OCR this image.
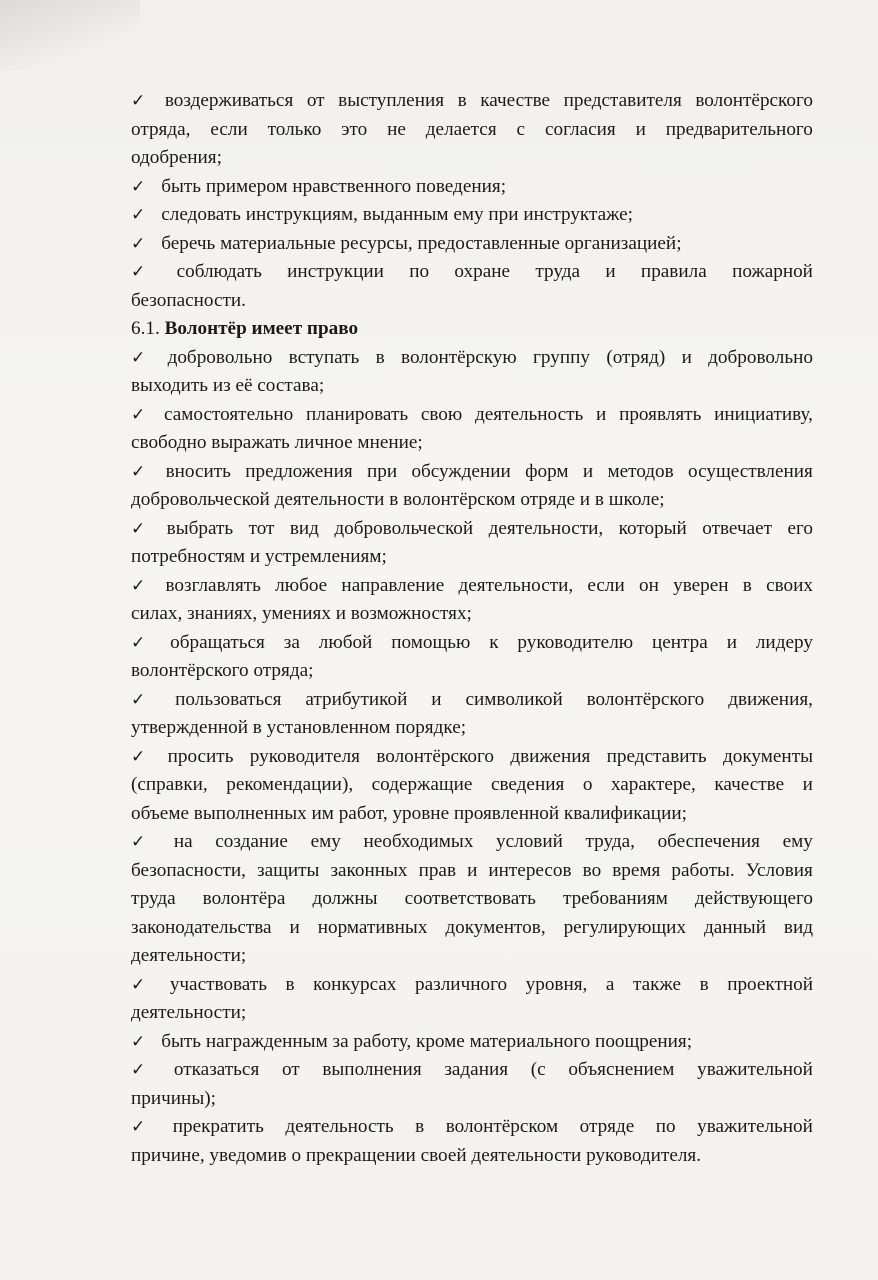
✓ воздерживаться от выступления в качестве представителя волонтёрского
отряда, если только это не делается с согласия и предварительного
одобрения;
✓ быть примером нравственного поведения;
✓ следовать инструкциям, выданным ему при инструктаже;
✓ беречь материальные ресурсы, предоставленные организацией;
✓ соблюдать инструкции по охране труда и правила пожарной
безопасности.
6.1. Волонтёр имеет право
✓ добровольно вступать в волонтёрскую группу (отряд) и добровольно
выходить из её состава;
✓ самостоятельно планировать свою деятельность и проявлять инициативу,
свободно выражать личное мнение;
✓ вносить предложения при обсуждении форм и методов осуществления
добровольческой деятельности в волонтёрском отряде и в школе;
✓ выбрать тот вид добровольческой деятельности, который отвечает его
потребностям и устремлениям;
✓ возглавлять любое направление деятельности, если он уверен в своих
силах, знаниях, умениях и возможностях;
✓ обращаться за любой помощью к руководителю центра и лидеру
волонтёрского отряда;
✓ пользоваться атрибутикой и символикой волонтёрского движения,
утвержденной в установленном порядке;
✓ просить руководителя волонтёрского движения представить документы
(справки, рекомендации), содержащие сведения о характере, качестве и
объеме выполненных им работ, уровне проявленной квалификации;
✓ на создание ему необходимых условий труда, обеспечения ему
безопасности, защиты законных прав и интересов во время работы. Условия
труда волонтёра должны соответствовать требованиям действующего
законодательства и нормативных документов, регулирующих данный вид
деятельности;
✓ участвовать в конкурсах различного уровня, а также в проектной
деятельности;
✓ быть награжденным за работу, кроме материального поощрения;
✓ отказаться от выполнения задания (с объяснением уважительной
причины);
✓ прекратить деятельность в волонтёрском отряде по уважительной
причине, уведомив о прекращении своей деятельности руководителя.
